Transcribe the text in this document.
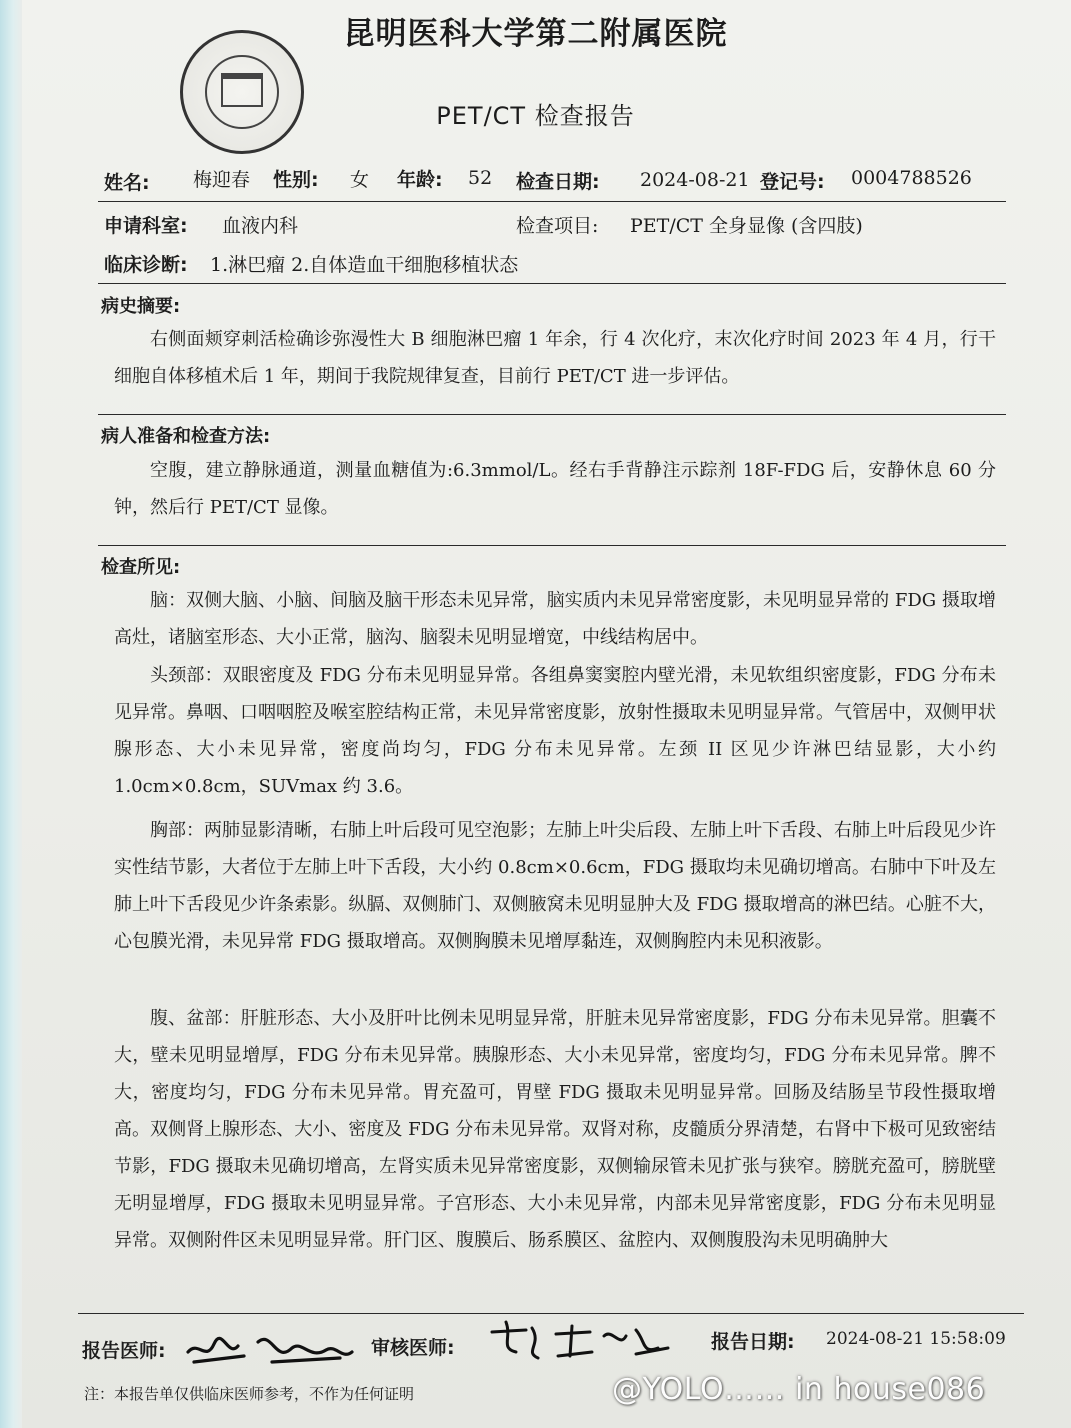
昆明医科大学第二附属医院
PET/CT 检查报告
姓名: 梅迎春 性别: 女 年龄: 52 检查日期: 2024-08-21 登记号: 0004788526
申请科室: 血液内科	检查项目: PET/CT 全身显像 (含四肢)
临床诊断: 1.淋巴瘤 2.自体造血干细胞移植状态
病史摘要:

右侧面颊穿刺活检确诊弥漫性大 B 细胞淋巴瘤 1 年余，行 4 次化疗，末次化疗时间 2023 年 4 月，行干细胞自体移植术后 1 年，期间于我院规律复查，目前行 PET/CT 进一步评估。

病人准备和检查方法:

空腹，建立静脉通道，测量血糖值为:6.3mmol/L。经右手背静注示踪剂 18F-FDG 后，安静休息 60 分钟，然后行 PET/CT 显像。

检查所见:

脑：双侧大脑、小脑、间脑及脑干形态未见异常，脑实质内未见异常密度影，未见明显异常的 FDG 摄取增高灶，诸脑室形态、大小正常，脑沟、脑裂未见明显增宽，中线结构居中。

头颈部：双眼密度及 FDG 分布未见明显异常。各组鼻窦窦腔内壁光滑，未见软组织密度影，FDG 分布未见异常。鼻咽、口咽咽腔及喉室腔结构正常，未见异常密度影，放射性摄取未见明显异常。气管居中，双侧甲状腺形态、大小未见异常，密度尚均匀，FDG 分布未见异常。左颈 II 区见少许淋巴结显影，大小约 1.0cm×0.8cm，SUVmax 约 3.6。

胸部：两肺显影清晰，右肺上叶后段可见空泡影；左肺上叶尖后段、左肺上叶下舌段、右肺上叶后段见少许实性结节影，大者位于左肺上叶下舌段，大小约 0.8cm×0.6cm，FDG 摄取均未见确切增高。右肺中下叶及左肺上叶下舌段见少许条索影。纵膈、双侧肺门、双侧腋窝未见明显肿大及 FDG 摄取增高的淋巴结。心脏不大，心包膜光滑，未见异常 FDG 摄取增高。双侧胸膜未见增厚黏连，双侧胸腔内未见积液影。

腹、盆部：肝脏形态、大小及肝叶比例未见明显异常，肝脏未见异常密度影，FDG 分布未见异常。胆囊不大，壁未见明显增厚，FDG 分布未见异常。胰腺形态、大小未见异常，密度均匀，FDG 分布未见异常。脾不大，密度均匀，FDG 分布未见异常。胃充盈可，胃壁 FDG 摄取未见明显异常。回肠及结肠呈节段性摄取增高。双侧肾上腺形态、大小、密度及 FDG 分布未见异常。双肾对称，皮髓质分界清楚，右肾中下极可见致密结节影，FDG 摄取未见确切增高，左肾实质未见异常密度影，双侧输尿管未见扩张与狭窄。膀胱充盈可，膀胱壁无明显增厚，FDG 摄取未见明显异常。子宫形态、大小未见异常，内部未见异常密度影，FDG 分布未见明显异常。双侧附件区未见明显异常。肝门区、腹膜后、肠系膜区、盆腔内、双侧腹股沟未见明确肿大

报告医师:	审核医师:	报告日期: 2024-08-21 15:58:09
注：本报告单仅供临床医师参考，不作为任何证明	@YOLO…… in house086
